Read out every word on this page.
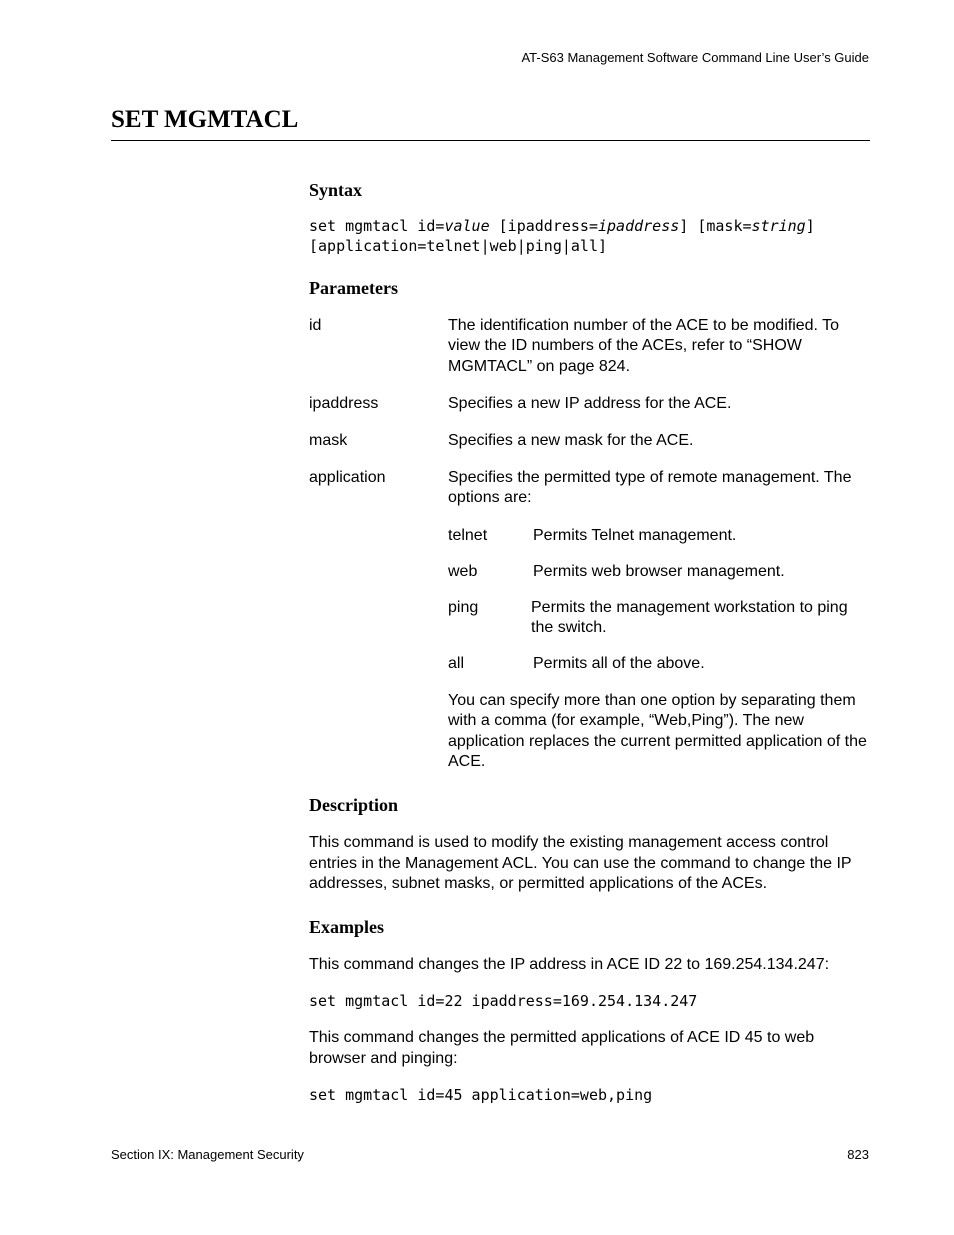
AT-S63 Management Software Command Line User’s Guide
SET MGMTACL
Syntax
set mgmtacl id=value [ipaddress=ipaddress] [mask=string]
[application=telnet|web|ping|all]
Parameters
id	The identification number of the ACE to be modified. To view the ID numbers of the ACEs, refer to “SHOW MGMTACL” on page 824.
ipaddress	Specifies a new IP address for the ACE.
mask	Specifies a new mask for the ACE.
application	Specifies the permitted type of remote management. The options are:
telnet	Permits Telnet management.
web	Permits web browser management.
ping	Permits the management workstation to ping the switch.
all	Permits all of the above.
You can specify more than one option by separating them with a comma (for example, “Web,Ping”). The new application replaces the current permitted application of the ACE.
Description
This command is used to modify the existing management access control entries in the Management ACL. You can use the command to change the IP addresses, subnet masks, or permitted applications of the ACEs.
Examples
This command changes the IP address in ACE ID 22 to 169.254.134.247:
set mgmtacl id=22 ipaddress=169.254.134.247
This command changes the permitted applications of ACE ID 45 to web browser and pinging:
set mgmtacl id=45 application=web,ping
Section IX: Management Security	823
